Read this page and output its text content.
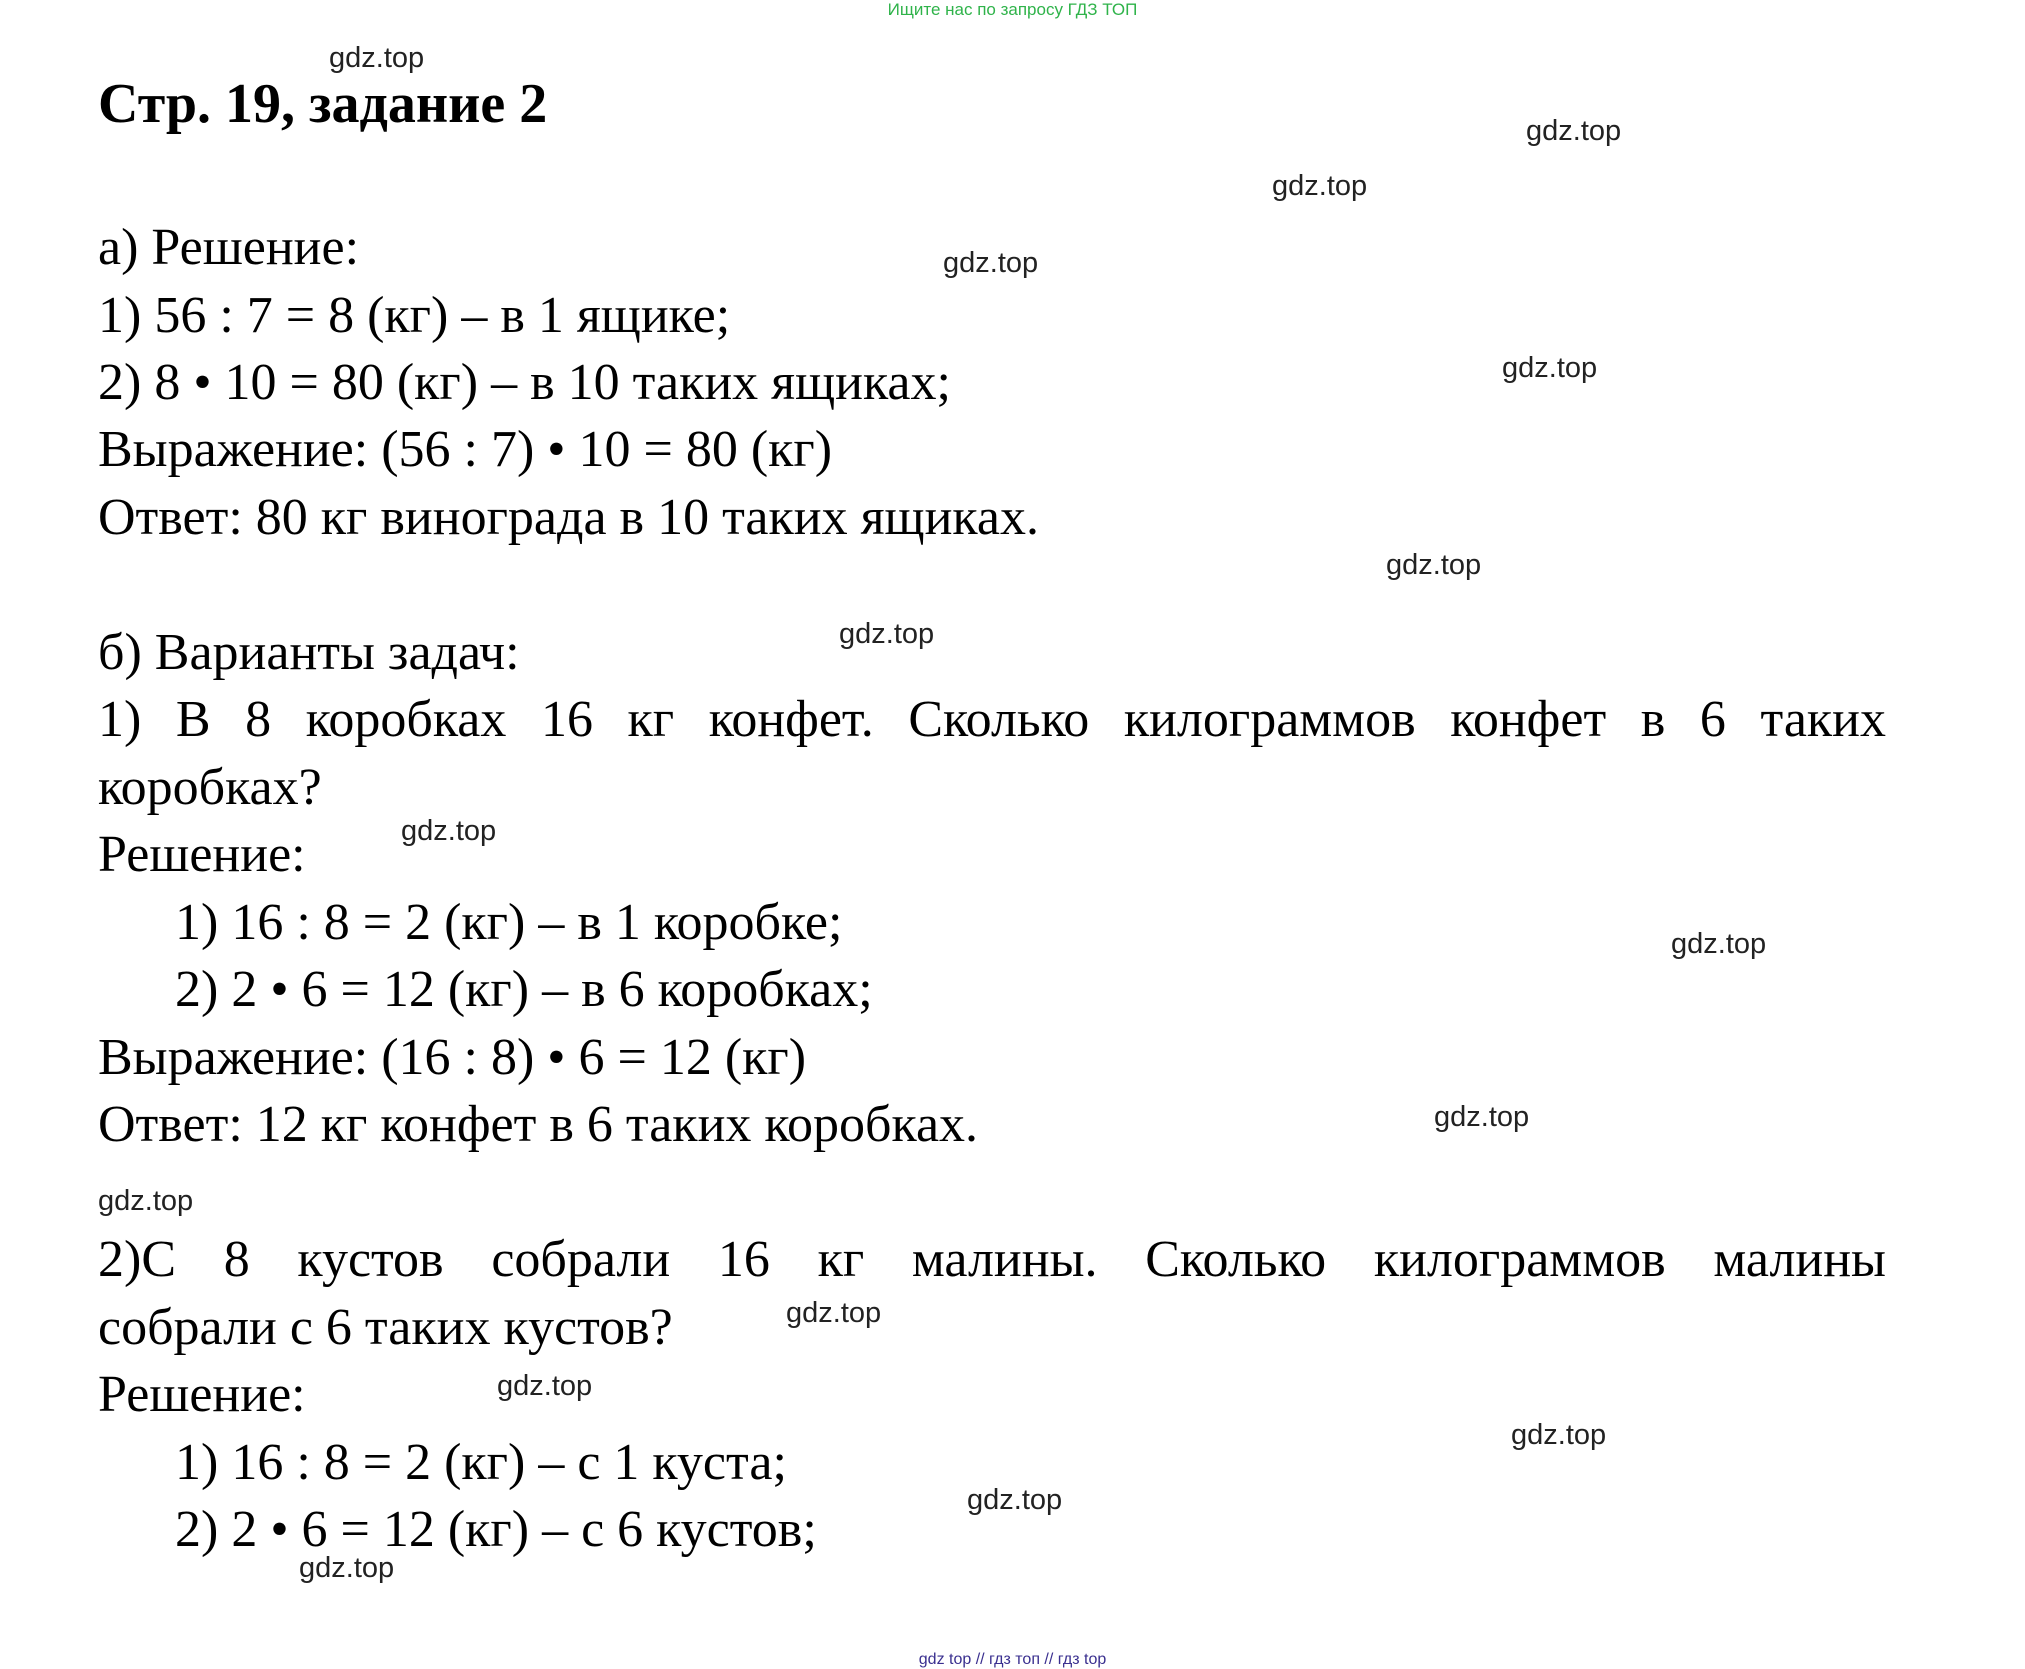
Ищите нас по запросу ГДЗ ТОП
Стр. 19, задание 2
а) Решение:
1) 56 : 7 = 8 (кг) – в 1 ящике;
2) 8 • 10 = 80 (кг) – в 10 таких ящиках;
Выражение: (56 : 7) • 10 = 80 (кг)
Ответ: 80 кг винограда в 10 таких ящиках.
б) Варианты задач:
1) В 8 коробках 16 кг конфет. Сколько килограммов конфет в 6 таких
коробках?
Решение:
1) 16 : 8 = 2 (кг) – в 1 коробке;
2) 2 • 6 = 12 (кг) – в 6 коробках;
Выражение: (16 : 8) • 6 = 12 (кг)
Ответ: 12 кг конфет в 6 таких коробках.
2)С 8 кустов собрали 16 кг малины. Сколько килограммов малины
собрали с 6 таких кустов?
Решение:
1) 16 : 8 = 2 (кг) – с 1 куста;
2) 2 • 6 = 12 (кг) – с 6 кустов;
gdz.top
gdz.top
gdz.top
gdz.top
gdz.top
gdz.top
gdz.top
gdz.top
gdz.top
gdz.top
gdz.top
gdz.top
gdz.top
gdz.top
gdz.top
gdz.top
gdz top // гдз топ // гдз top
